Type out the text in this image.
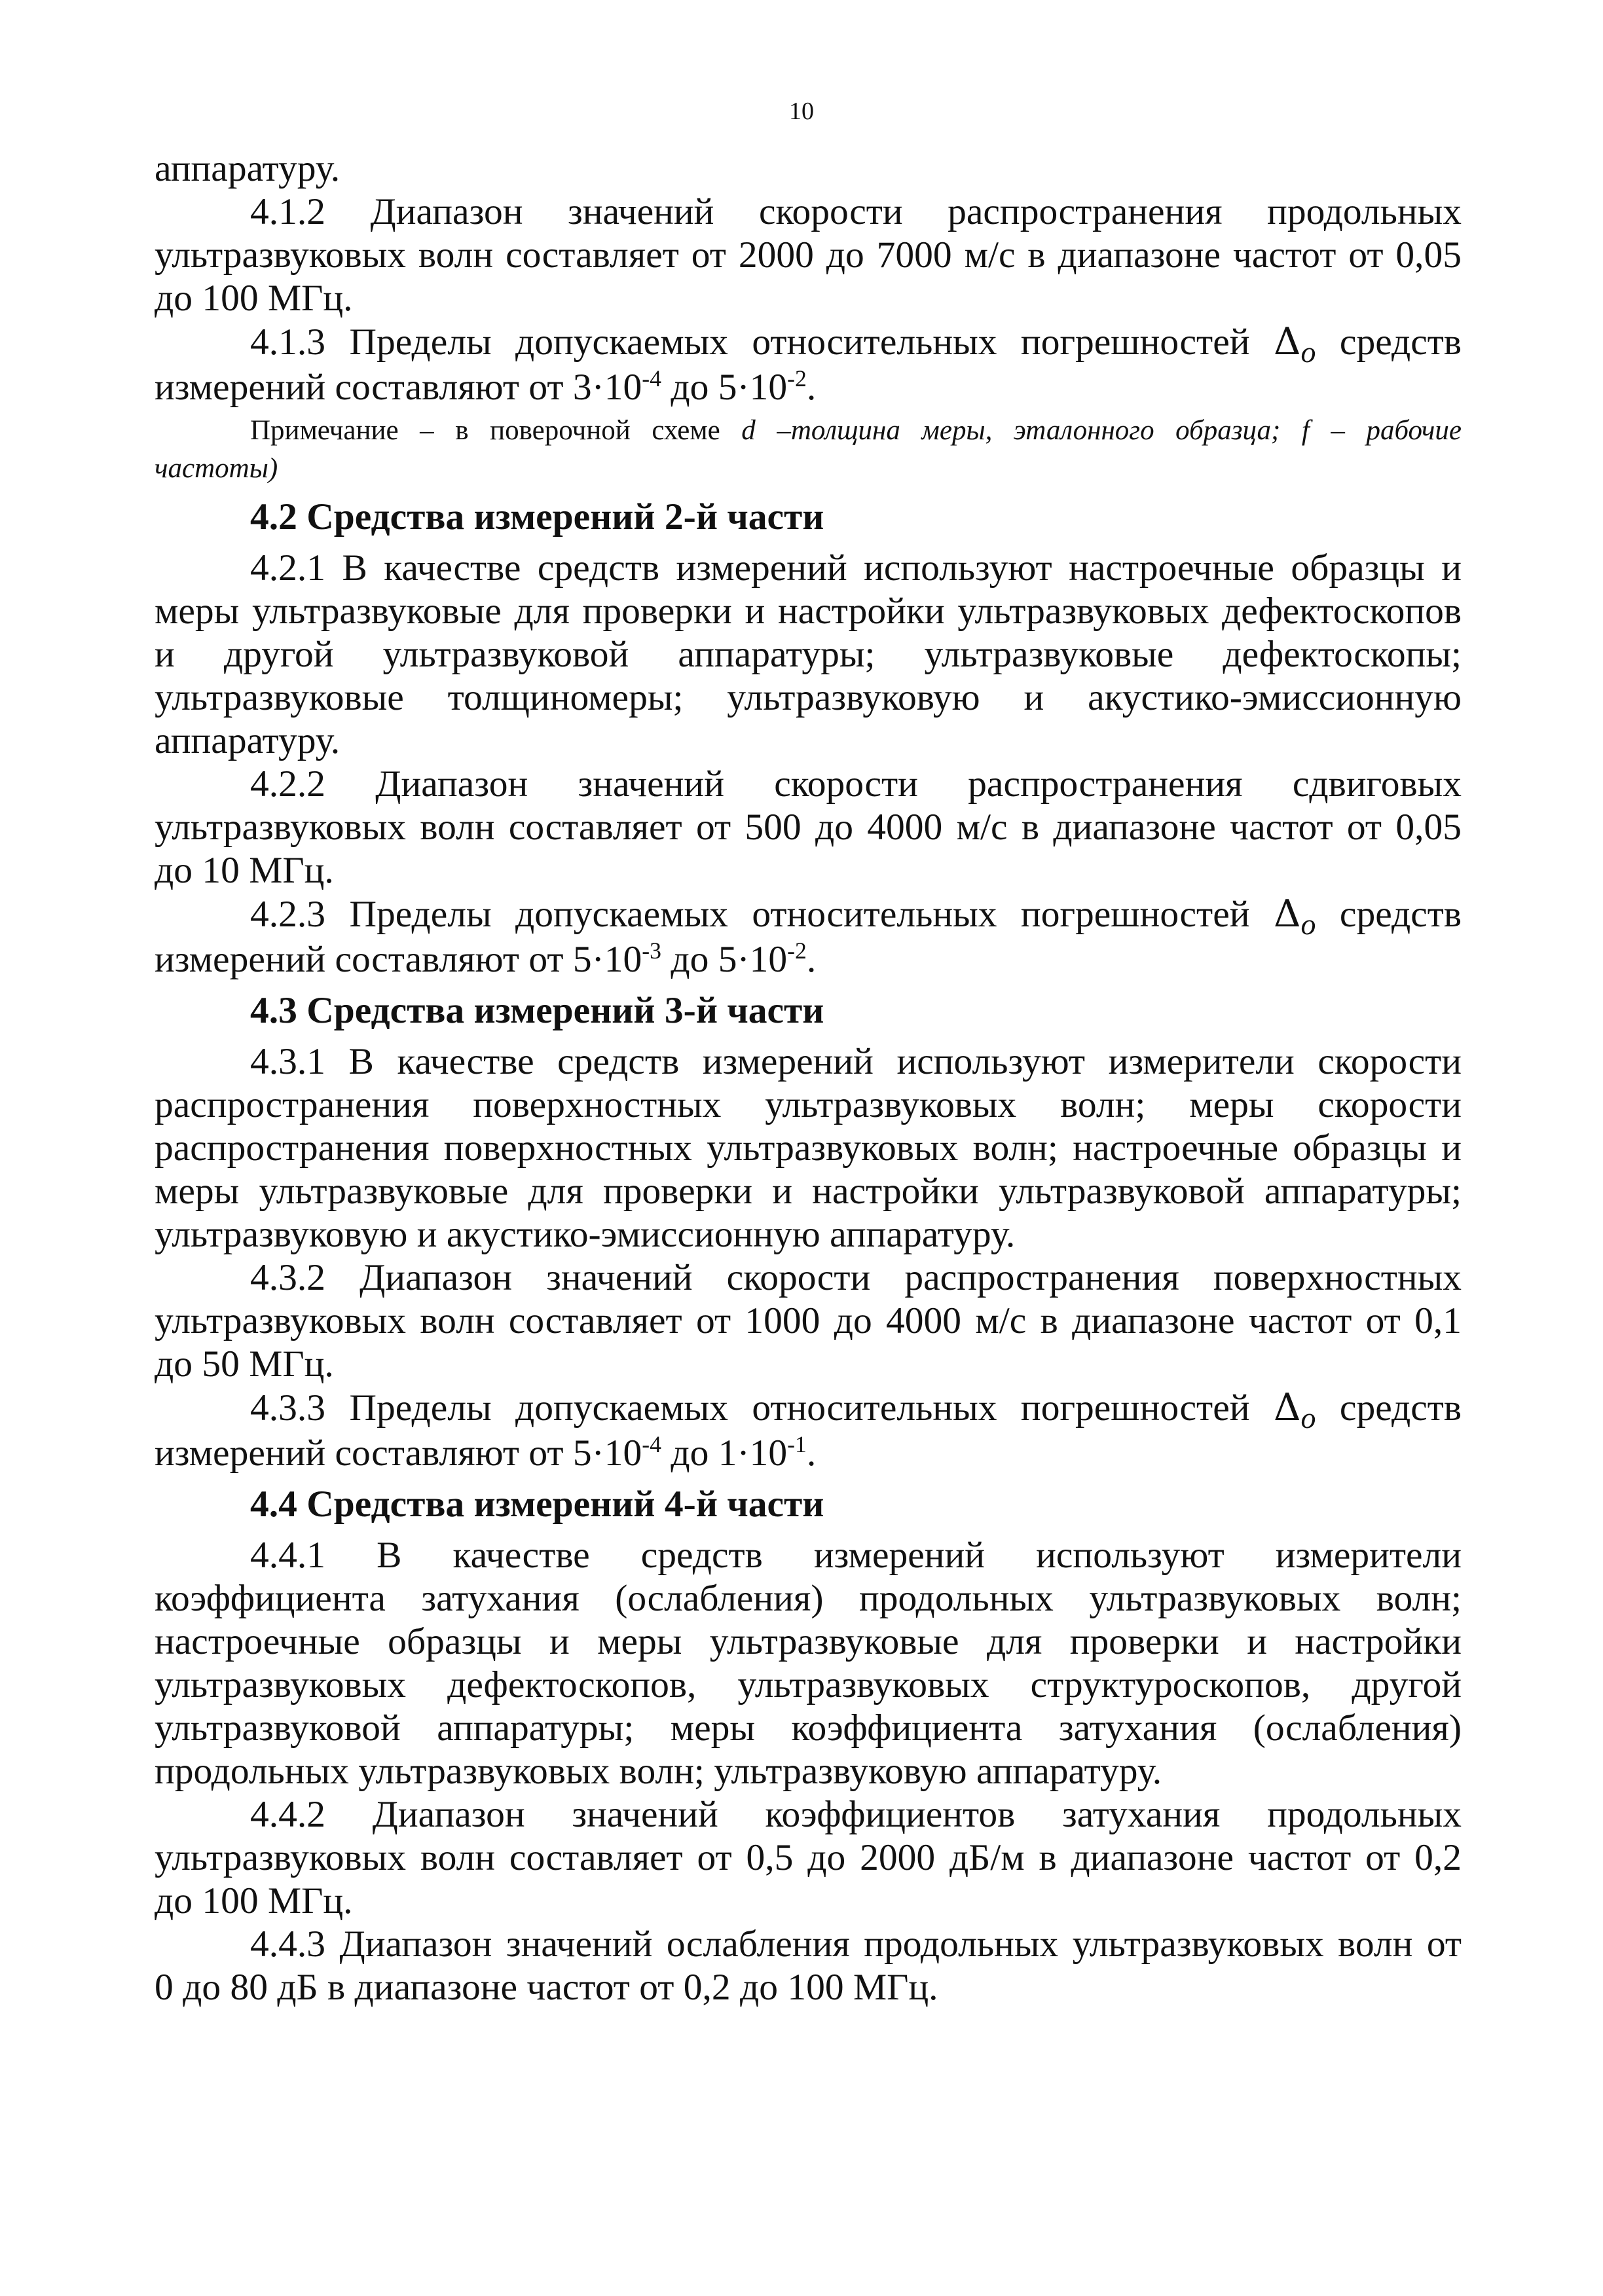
10
аппаратуру.
4.1.2 Диапазон значений скорости распространения продольных
ультразвуковых волн составляет от 2000 до 7000 м/с в диапазоне частот от 0,05
до 100 МГц.
4.1.3 Пределы допускаемых относительных погрешностей $\Delta_o$ средств
измерений составляют от $3\cdot 10^{-4}$ до $5\cdot 10^{-2}$.
Примечание – в поверочной схеме d –толщина меры, эталонного образца; f – рабочие
частоты)
4.2 Средства измерений 2-й части
4.2.1 В качестве средств измерений используют настроечные образцы и
меры ультразвуковые для проверки и настройки ультразвуковых дефектоскопов
и другой ультразвуковой аппаратуры; ультразвуковые дефектоскопы;
ультразвуковые толщиномеры; ультразвуковую и акустико-эмиссионную
аппаратуру.
4.2.2 Диапазон значений скорости распространения сдвиговых
ультразвуковых волн составляет от 500 до 4000 м/с в диапазоне частот от 0,05
до 10 МГц.
4.2.3 Пределы допускаемых относительных погрешностей $\Delta_o$ средств
измерений составляют от $5\cdot 10^{-3}$ до $5\cdot 10^{-2}$.
4.3 Средства измерений 3-й части
4.3.1 В качестве средств измерений используют измерители скорости
распространения поверхностных ультразвуковых волн; меры скорости
распространения поверхностных ультразвуковых волн; настроечные образцы и
меры ультразвуковые для проверки и настройки ультразвуковой аппаратуры;
ультразвуковую и акустико-эмиссионную аппаратуру.
4.3.2 Диапазон значений скорости распространения поверхностных
ультразвуковых волн составляет от 1000 до 4000 м/с в диапазоне частот от 0,1
до 50 МГц.
4.3.3 Пределы допускаемых относительных погрешностей $\Delta_o$ средств
измерений составляют от $5\cdot 10^{-4}$ до $1\cdot 10^{-1}$.
4.4 Средства измерений 4-й части
4.4.1 В качестве средств измерений используют измерители
коэффициента затухания (ослабления) продольных ультразвуковых волн;
настроечные образцы и меры ультразвуковые для проверки и настройки
ультразвуковых дефектоскопов, ультразвуковых структуроскопов, другой
ультразвуковой аппаратуры; меры коэффициента затухания (ослабления)
продольных ультразвуковых волн; ультразвуковую аппаратуру.
4.4.2 Диапазон значений коэффициентов затухания продольных
ультразвуковых волн составляет от 0,5 до 2000 дБ/м в диапазоне частот от 0,2
до 100 МГц.
4.4.3 Диапазон значений ослабления продольных ультразвуковых волн от
0 до 80 дБ в диапазоне частот от 0,2 до 100 МГц.
